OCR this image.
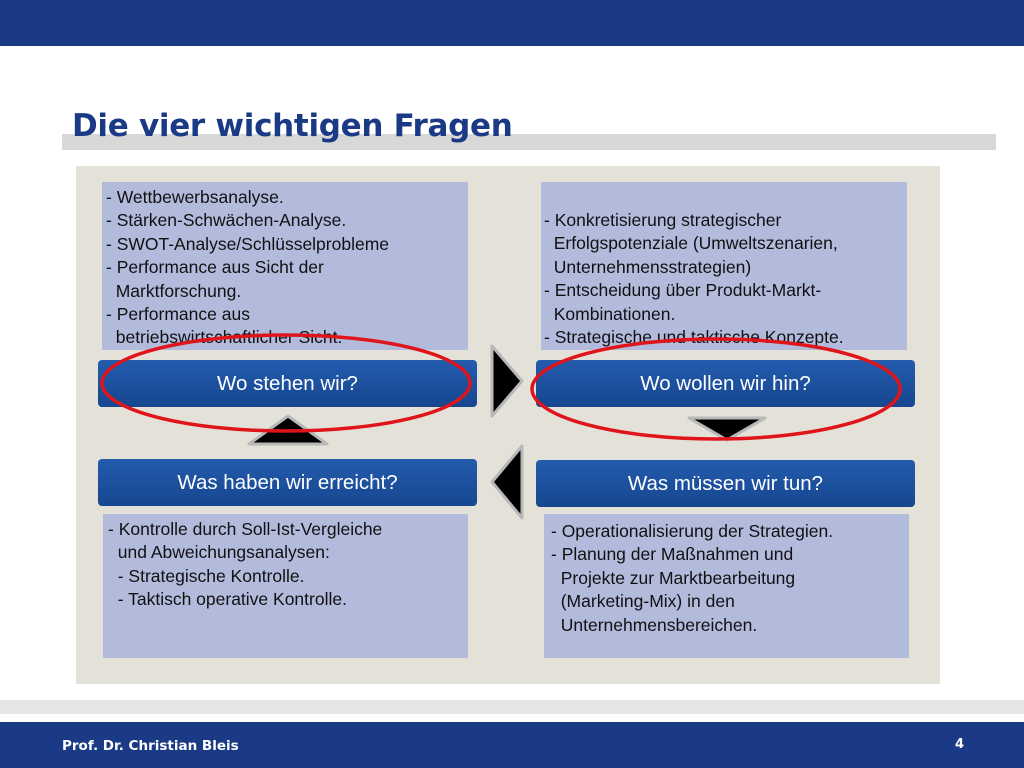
Die vier wichtigen Fragen
- Wettbewerbsanalyse.
- Stärken-Schwächen-Analyse.
- SWOT-Analyse/Schlüsselprobleme
- Performance aus Sicht der
Marktforschung.
- Performance aus
betriebswirtschaftlicher Sicht.
- Konkretisierung strategischer
Erfolgspotenziale (Umweltszenarien,
Unternehmensstrategien)
- Entscheidung über Produkt-Markt-
Kombinationen.
- Strategische und taktische Konzepte.
- Kontrolle durch Soll-Ist-Vergleiche
und Abweichungsanalysen:
- Strategische Kontrolle.
- Taktisch operative Kontrolle.
- Operationalisierung der Strategien.
- Planung der Maßnahmen und
Projekte zur Marktbearbeitung
(Marketing-Mix) in den
Unternehmensbereichen.
Wo stehen wir?	Wo wollen wir hin?
Was haben wir erreicht?	Was müssen wir tun?
Prof. Dr. Christian Bleis	4
